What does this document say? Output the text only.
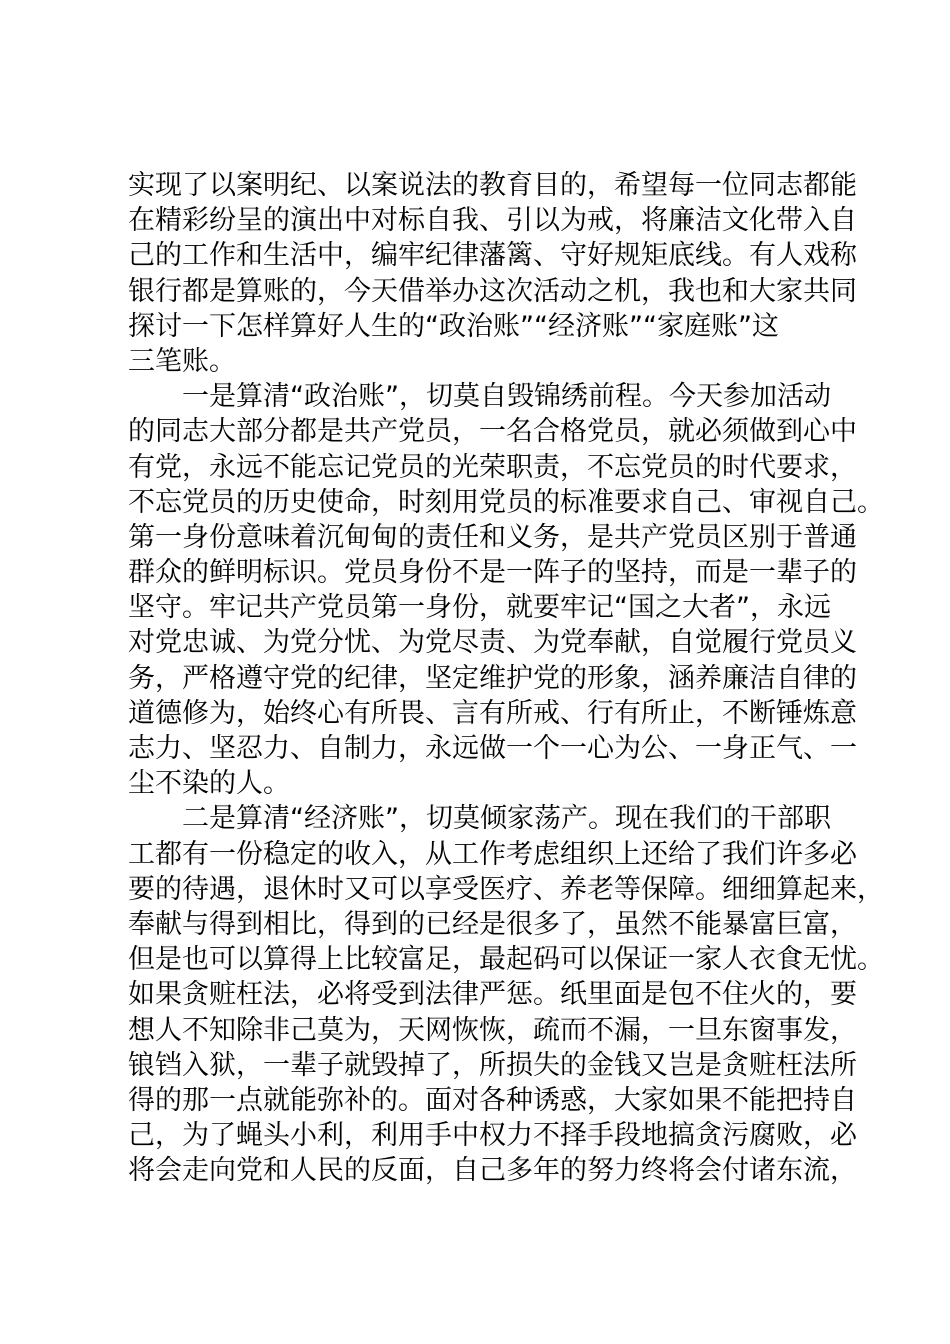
实现了以案明纪、以案说法的教育目的，希望每一位同志都能
在精彩纷呈的演出中对标自我、引以为戒，将廉洁文化带入自
己的工作和生活中，编牢纪律藩篱、守好规矩底线。有人戏称
银行都是算账的，今天借举办这次活动之机，我也和大家共同
探讨一下怎样算好人生的“政治账”“经济账”“家庭账”这
三笔账。
　　一是算清“政治账”，切莫自毁锦绣前程。今天参加活动
的同志大部分都是共产党员，一名合格党员，就必须做到心中
有党，永远不能忘记党员的光荣职责，不忘党员的时代要求，
不忘党员的历史使命，时刻用党员的标准要求自己、审视自己。
第一身份意味着沉甸甸的责任和义务，是共产党员区别于普通
群众的鲜明标识。党员身份不是一阵子的坚持，而是一辈子的
坚守。牢记共产党员第一身份，就要牢记“国之大者”，永远
对党忠诚、为党分忧、为党尽责、为党奉献，自觉履行党员义
务，严格遵守党的纪律，坚定维护党的形象，涵养廉洁自律的
道德修为，始终心有所畏、言有所戒、行有所止，不断锤炼意
志力、坚忍力、自制力，永远做一个一心为公、一身正气、一
尘不染的人。
　　二是算清“经济账”，切莫倾家荡产。现在我们的干部职
工都有一份稳定的收入，从工作考虑组织上还给了我们许多必
要的待遇，退休时又可以享受医疗、养老等保障。细细算起来，
奉献与得到相比，得到的已经是很多了，虽然不能暴富巨富，
但是也可以算得上比较富足，最起码可以保证一家人衣食无忧。
如果贪赃枉法，必将受到法律严惩。纸里面是包不住火的，要
想人不知除非己莫为，天网恢恢，疏而不漏，一旦东窗事发，
锒铛入狱，一辈子就毁掉了，所损失的金钱又岂是贪赃枉法所
得的那一点就能弥补的。面对各种诱惑，大家如果不能把持自
己，为了蝇头小利，利用手中权力不择手段地搞贪污腐败，必
将会走向党和人民的反面，自己多年的努力终将会付诸东流，
